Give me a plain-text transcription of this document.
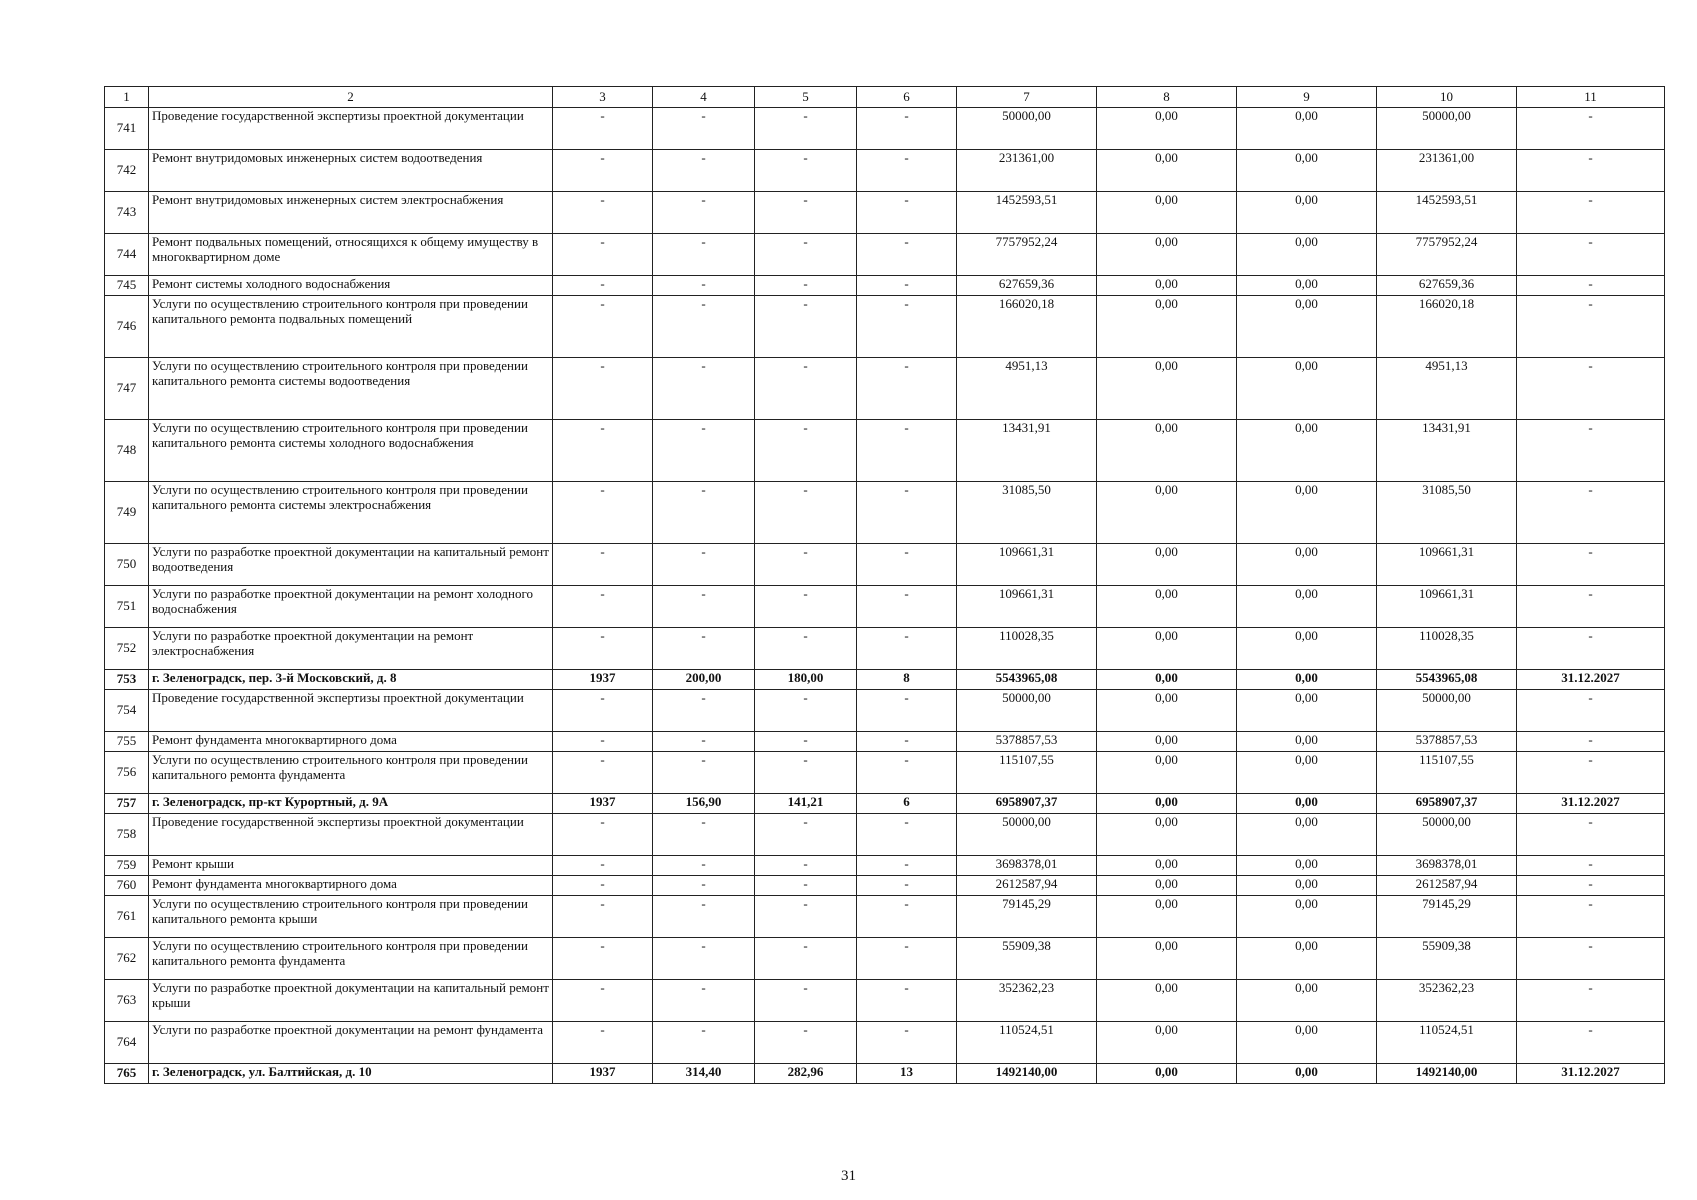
1	2	3	4	5	6	7	8	9	10	11
741	Проведение государственной экспертизы проектной документации	-	-	-	-	50000,00	0,00	0,00	50000,00	-
742	Ремонт внутридомовых инженерных систем водоотведения	-	-	-	-	231361,00	0,00	0,00	231361,00	-
743	Ремонт внутридомовых инженерных систем электроснабжения	-	-	-	-	1452593,51	0,00	0,00	1452593,51	-
744	Ремонт подвальных помещений, относящихся к общему имуществу в многоквартирном доме	-	-	-	-	7757952,24	0,00	0,00	7757952,24	-
745	Ремонт системы холодного водоснабжения	-	-	-	-	627659,36	0,00	0,00	627659,36	-
746	Услуги по осуществлению строительного контроля при проведении капитального ремонта подвальных помещений	-	-	-	-	166020,18	0,00	0,00	166020,18	-
747	Услуги по осуществлению строительного контроля при проведении капитального ремонта системы водоотведения	-	-	-	-	4951,13	0,00	0,00	4951,13	-
748	Услуги по осуществлению строительного контроля при проведении капитального ремонта системы холодного водоснабжения	-	-	-	-	13431,91	0,00	0,00	13431,91	-
749	Услуги по осуществлению строительного контроля при проведении капитального ремонта системы электроснабжения	-	-	-	-	31085,50	0,00	0,00	31085,50	-
750	Услуги по разработке проектной документации на капитальный ремонт водоотведения	-	-	-	-	109661,31	0,00	0,00	109661,31	-
751	Услуги по разработке проектной документации на ремонт холодного водоснабжения	-	-	-	-	109661,31	0,00	0,00	109661,31	-
752	Услуги по разработке проектной документации на ремонт электроснабжения	-	-	-	-	110028,35	0,00	0,00	110028,35	-
753	г. Зеленоградск, пер. 3-й Московский, д. 8	1937	200,00	180,00	8	5543965,08	0,00	0,00	5543965,08	31.12.2027
754	Проведение государственной экспертизы проектной документации	-	-	-	-	50000,00	0,00	0,00	50000,00	-
755	Ремонт фундамента многоквартирного дома	-	-	-	-	5378857,53	0,00	0,00	5378857,53	-
756	Услуги по осуществлению строительного контроля при проведении капитального ремонта фундамента	-	-	-	-	115107,55	0,00	0,00	115107,55	-
757	г. Зеленоградск, пр-кт Курортный, д. 9А	1937	156,90	141,21	6	6958907,37	0,00	0,00	6958907,37	31.12.2027
758	Проведение государственной экспертизы проектной документации	-	-	-	-	50000,00	0,00	0,00	50000,00	-
759	Ремонт крыши	-	-	-	-	3698378,01	0,00	0,00	3698378,01	-
760	Ремонт фундамента многоквартирного дома	-	-	-	-	2612587,94	0,00	0,00	2612587,94	-
761	Услуги по осуществлению строительного контроля при проведении капитального ремонта крыши	-	-	-	-	79145,29	0,00	0,00	79145,29	-
762	Услуги по осуществлению строительного контроля при проведении капитального ремонта фундамента	-	-	-	-	55909,38	0,00	0,00	55909,38	-
763	Услуги по разработке проектной документации на капитальный ремонт крыши	-	-	-	-	352362,23	0,00	0,00	352362,23	-
764	Услуги по разработке проектной документации на ремонт фундамента	-	-	-	-	110524,51	0,00	0,00	110524,51	-
765	г. Зеленоградск, ул. Балтийская, д. 10	1937	314,40	282,96	13	1492140,00	0,00	0,00	1492140,00	31.12.2027
31
